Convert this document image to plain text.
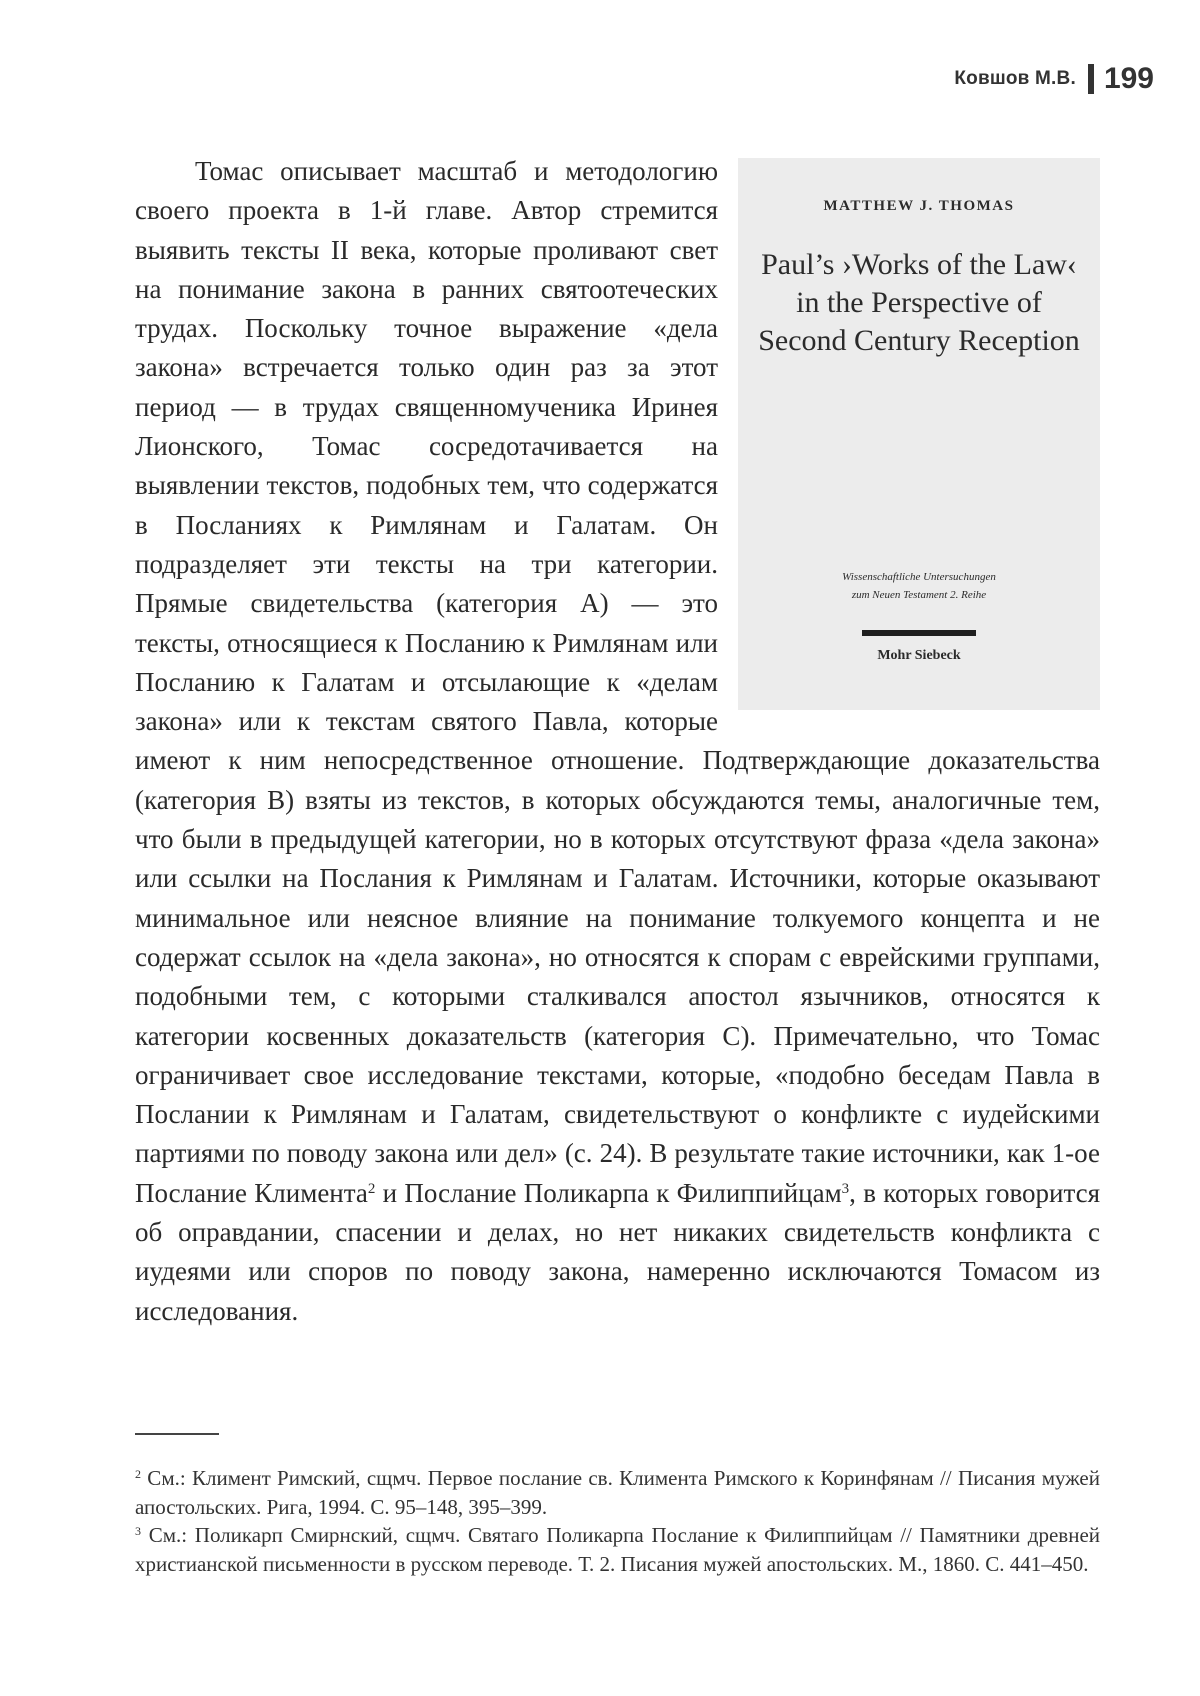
Ковшов М.В. 199
MATTHEW J. THOMAS
Paul’s ›Works of the Law‹
in the Perspective of
Second Century Reception
Wissenschaftliche Untersuchungen
zum Neuen Testament 2. Reihe
Mohr Siebeck

Томас описывает масштаб и методологию своего проекта в 1-й главе. Автор стремится выявить тексты II века, которые проливают свет на понимание закона в ранних святоотеческих трудах. Поскольку точное выражение «дела закона» встречается только один раз за этот период — в трудах священномученика Иринея Лионского, Томас сосредотачивается на выявлении текстов, подобных тем, что содержатся в Посланиях к Римлянам и Галатам. Он подразделяет эти тексты на три категории. Прямые свидетельства (категория А) — это тексты, относящиеся к Посланию к Римлянам или Посланию к Галатам и отсылающие к «делам закона» или к текстам святого Павла, которые имеют к ним непосредственное отношение. Подтверждающие доказательства (категория В) взяты из текстов, в которых обсуждаются темы, аналогичные тем, что были в предыдущей категории, но в которых отсутствуют фраза «дела закона» или ссылки на Послания к Римлянам и Галатам. Источники, которые оказывают минимальное или неясное влияние на понимание толкуемого концепта и не содержат ссылок на «дела закона», но относятся к спорам с еврейскими группами, подобными тем, с которыми сталкивался апостол язычников, относятся к категории косвенных доказательств (категория С). Примечательно, что Томас ограничивает свое исследование текстами, которые, «подобно беседам Павла в Послании к Римлянам и Галатам, свидетельствуют о конфликте с иудейскими партиями по поводу закона или дел» (с. 24). В результате такие источники, как 1-ое Послание Климента$^2$ и Послание Поликарпа к Филиппийцам$^3$, в которых говорится об оправдании, спасении и делах, но нет никаких свидетельств конфликта с иудеями или споров по поводу закона, намеренно исключаются Томасом из исследования.

$^2$ См.: Климент Римский, сщмч. Первое послание св. Климента Римского к Коринфянам // Писания мужей апостольских. Рига, 1994. С. 95–148, 395–399.

$^3$ См.: Поликарп Смирнский, сщмч. Святаго Поликарпа Послание к Филиппийцам // Памятники древней христианской письменности в русском переводе. Т. 2. Писания мужей апостольских. М., 1860. С. 441–450.
